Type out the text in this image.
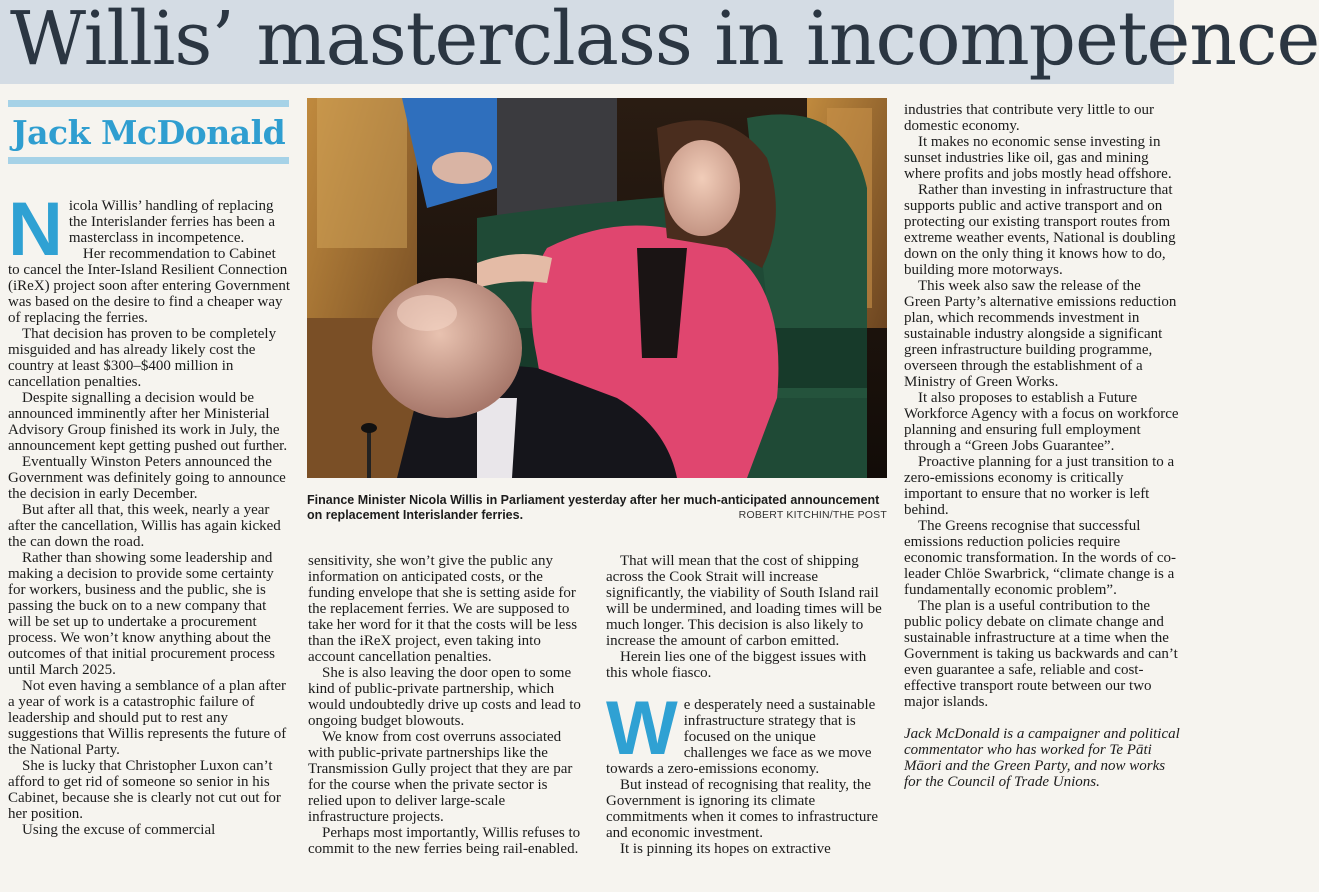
Willis’ masterclass in incompetence
Jack McDonald

Nicola Willis’ handling of replacing the Interislander ferries has been a masterclass in incompetence.

Her recommendation to Cabinet to cancel the Inter-Island Resilient Connection (iReX) project soon after entering Government was based on the desire to find a cheaper way of replacing the ferries.

That decision has proven to be completely misguided and has already likely cost the country at least $300–$400 million in cancellation penalties.

Despite signalling a decision would be announced imminently after her Ministerial Advisory Group finished its work in July, the announcement kept getting pushed out further.

Eventually Winston Peters announced the Government was definitely going to announce the decision in early December.

But after all that, this week, nearly a year after the cancellation, Willis has again kicked the can down the road.

Rather than showing some leadership and making a decision to provide some certainty for workers, business and the public, she is passing the buck on to a new company that will be set up to undertake a procurement process. We won’t know anything about the outcomes of that initial procurement process until March 2025.

Not even having a semblance of a plan after a year of work is a catastrophic failure of leadership and should put to rest any suggestions that Willis represents the future of the National Party.

She is lucky that Christopher Luxon can’t afford to get rid of someone so senior in his Cabinet, because she is clearly not cut out for her position.

Using the excuse of commercial

Finance Minister Nicola Willis in Parliament yesterday after her much-anticipated announcement on replacement Interislander ferries.	ROBERT KITCHIN/THE POST

sensitivity, she won’t give the public any information on anticipated costs, or the funding envelope that she is setting aside for the replacement ferries. We are supposed to take her word for it that the costs will be less than the iReX project, even taking into account cancellation penalties.

She is also leaving the door open to some kind of public-private partnership, which would undoubtedly drive up costs and lead to ongoing budget blowouts.

We know from cost overruns associated with public-private partnerships like the Transmission Gully project that they are par for the course when the private sector is relied upon to deliver large-scale infrastructure projects.

Perhaps most importantly, Willis refuses to commit to the new ferries being rail-enabled.

That will mean that the cost of shipping across the Cook Strait will increase significantly, the viability of South Island rail will be undermined, and loading times will be much longer. This decision is also likely to increase the amount of carbon emitted.

Herein lies one of the biggest issues with this whole fiasco.

We desperately need a sustainable infrastructure strategy that is focused on the unique challenges we face as we move towards a zero-emissions economy.

But instead of recognising that reality, the Government is ignoring its climate commitments when it comes to infrastructure and economic investment.

It is pinning its hopes on extractive

industries that contribute very little to our domestic economy.

It makes no economic sense investing in sunset industries like oil, gas and mining where profits and jobs mostly head offshore.

Rather than investing in infrastructure that supports public and active transport and on protecting our existing transport routes from extreme weather events, National is doubling down on the only thing it knows how to do, building more motorways.

This week also saw the release of the Green Party’s alternative emissions reduction plan, which recommends investment in sustainable industry alongside a significant green infrastructure building programme, overseen through the establishment of a Ministry of Green Works.

It also proposes to establish a Future Workforce Agency with a focus on workforce planning and ensuring full employment through a “Green Jobs Guarantee”.

Proactive planning for a just transition to a zero-emissions economy is critically important to ensure that no worker is left behind.

The Greens recognise that successful emissions reduction policies require economic transformation. In the words of co-leader Chlöe Swarbrick, “climate change is a fundamentally economic problem”.

The plan is a useful contribution to the public policy debate on climate change and sustainable infrastructure at a time when the Government is taking us backwards and can’t even guarantee a safe, reliable and cost-effective transport route between our two major islands.

Jack McDonald is a campaigner and political commentator who has worked for Te Pāti Māori and the Green Party, and now works for the Council of Trade Unions.
